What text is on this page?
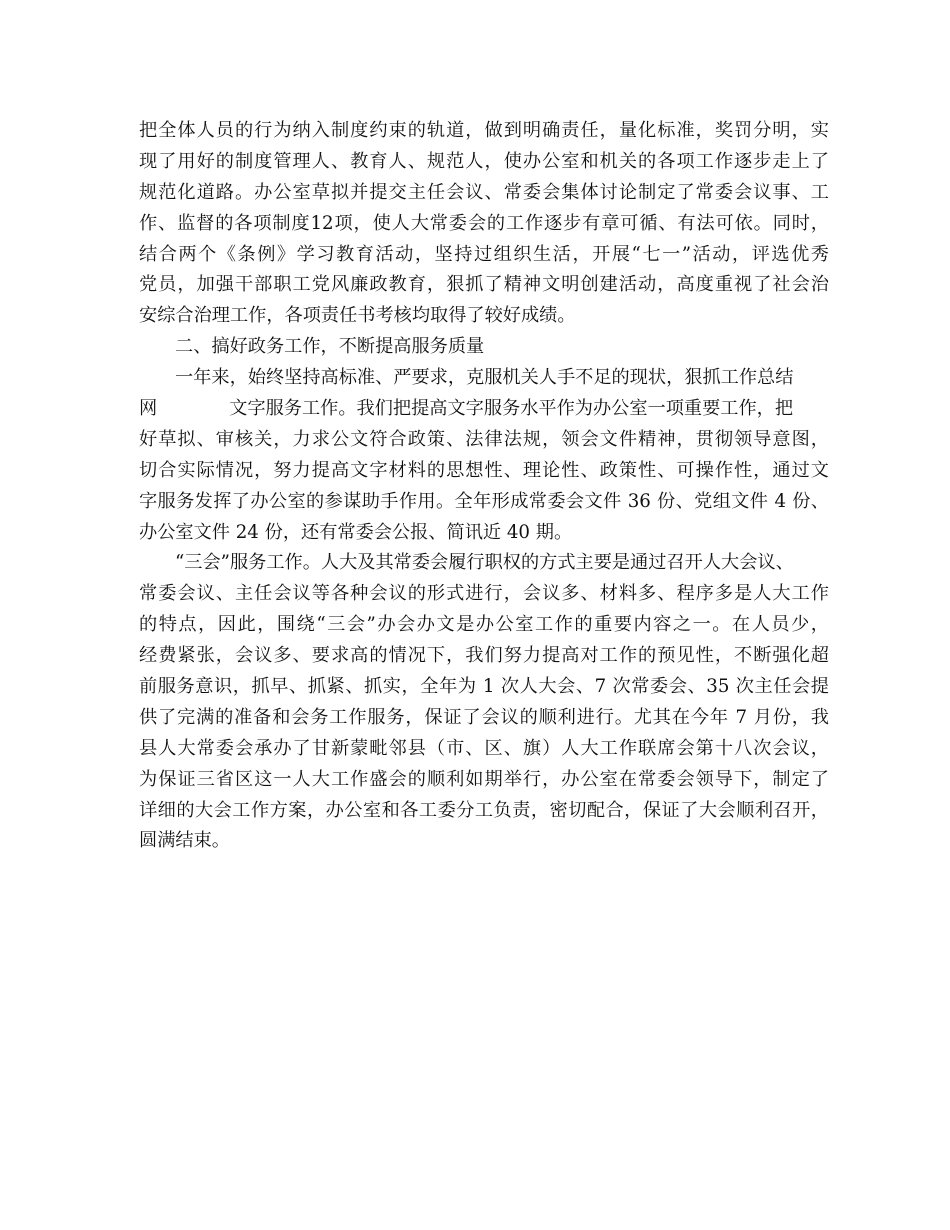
把全体人员的行为纳入制度约束的轨道，做到明确责任，量化标准，奖罚分明，实
现了用好的制度管理人、教育人、规范人，使办公室和机关的各项工作逐步走上了
规范化道路。办公室草拟并提交主任会议、常委会集体讨论制定了常委会议事、工
作、监督的各项制度12项，使人大常委会的工作逐步有章可循、有法可依。同时，
结合两个《条例》学习教育活动，坚持过组织生活，开展“七一”活动，评选优秀
党员，加强干部职工党风廉政教育，狠抓了精神文明创建活动，高度重视了社会治
安综合治理工作，各项责任书考核均取得了较好成绩。
二、搞好政务工作，不断提高服务质量
一年来，始终坚持高标准、严要求，克服机关人手不足的现状，狠抓工作总结
网	文字服务工作。我们把提高文字服务水平作为办公室一项重要工作，把
好草拟、审核关，力求公文符合政策、法律法规，领会文件精神，贯彻领导意图，
切合实际情况，努力提高文字材料的思想性、理论性、政策性、可操作性，通过文
字服务发挥了办公室的参谋助手作用。全年形成常委会文件 36 份、党组文件 4 份、
办公室文件 24 份，还有常委会公报、简讯近 40 期。
“三会”服务工作。人大及其常委会履行职权的方式主要是通过召开人大会议、
常委会议、主任会议等各种会议的形式进行，会议多、材料多、程序多是人大工作
的特点，因此，围绕“三会”办会办文是办公室工作的重要内容之一。在人员少，
经费紧张，会议多、要求高的情况下，我们努力提高对工作的预见性，不断强化超
前服务意识，抓早、抓紧、抓实，全年为 1 次人大会、7 次常委会、35 次主任会提
供了完满的准备和会务工作服务，保证了会议的顺利进行。尤其在今年 7 月份，我
县人大常委会承办了甘新蒙毗邻县（市、区、旗）人大工作联席会第十八次会议，
为保证三省区这一人大工作盛会的顺利如期举行，办公室在常委会领导下，制定了
详细的大会工作方案，办公室和各工委分工负责，密切配合，保证了大会顺利召开，
圆满结束。
